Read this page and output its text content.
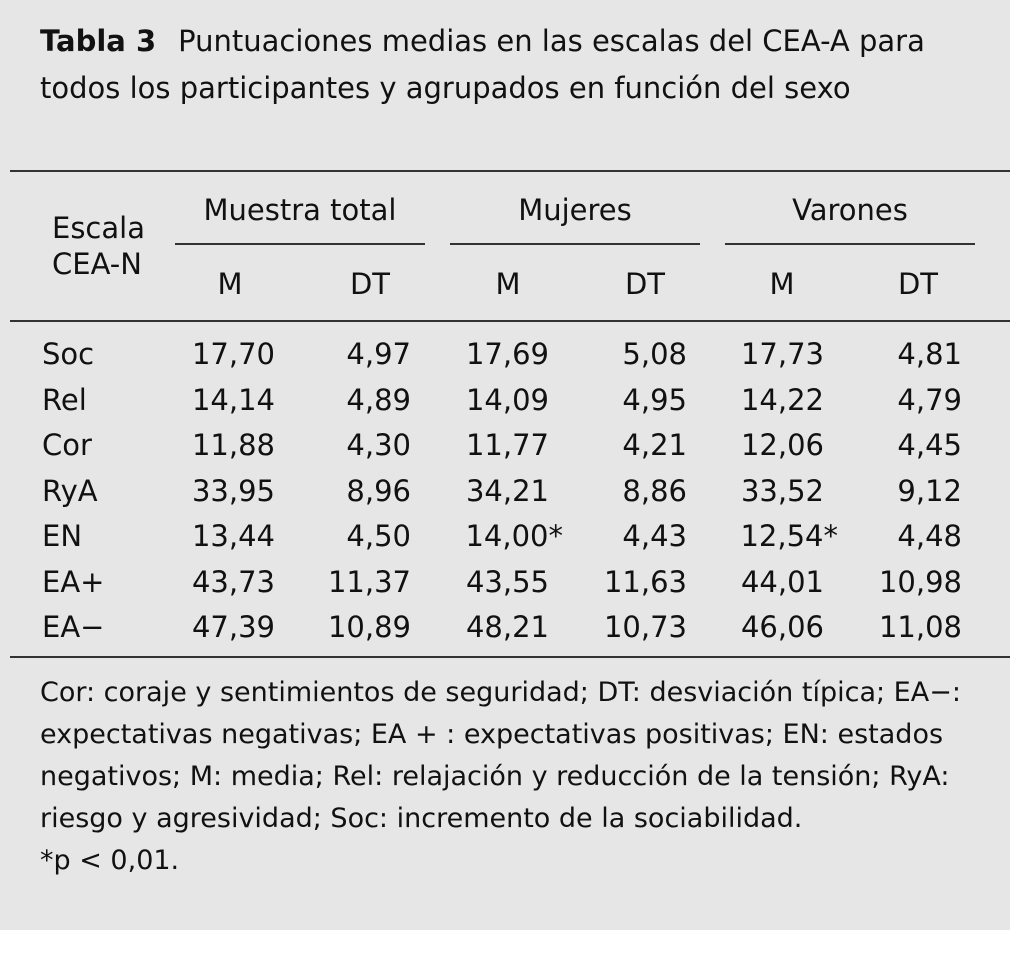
Tabla 3 Puntuaciones medias en las escalas del CEA-A para todos los participantes y agrupados en función del sexo
Escala
CEA-N
Muestra total	Mujeres	Varones
M	DT	M	DT	M	DT
Soc	17,70	4,97	17,69	5,08	17,73	4,81
Rel	14,14	4,89	14,09	4,95	14,22	4,79
Cor	11,88	4,30	11,77	4,21	12,06	4,45
RyA	33,95	8,96	34,21	8,86	33,52	9,12
EN	13,44	4,50	14,00*	4,43	12,54*	4,48
EA+	43,73	11,37	43,55	11,63	44,01	10,98
EA−	47,39	10,89	48,21	10,73	46,06	11,08
Cor: coraje y sentimientos de seguridad; DT: desviación típica; EA−: expectativas negativas; EA + : expectativas positivas; EN: estados negativos; M: media; Rel: relajación y reducción de la tensión; RyA: riesgo y agresividad; Soc: incremento de la sociabilidad.
*p < 0,01.
